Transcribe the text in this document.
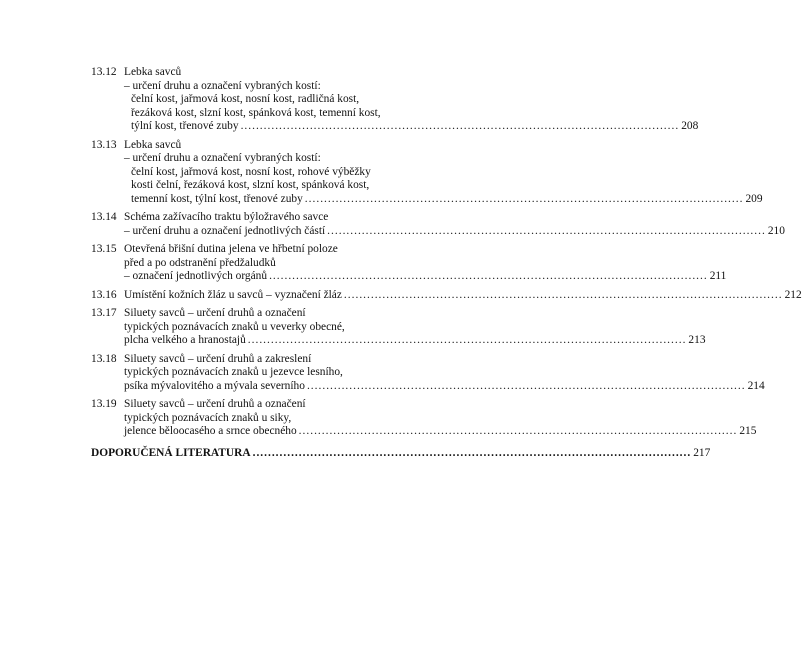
13.12 Lebka savců
– určení druhu a označení vybraných kostí:
čelní kost, jařmová kost, nosní kost, radličná kost,
řezáková kost, slzní kost, spánková kost, temenní kost,
týlní kost, třenové zuby .....	208
13.13 Lebka savců
– určení druhu a označení vybraných kostí:
čelní kost, jařmová kost, nosní kost, rohové výběžky
kosti čelní, řezáková kost, slzní kost, spánková kost,
temenní kost, týlní kost, třenové zuby .....	209
13.14 Schéma zažívacího traktu býložravého savce
– určení druhu a označení jednotlivých částí .....	210
13.15 Otevřená břišní dutina jelena ve hřbetní poloze
před a po odstranění předžaludků
– označení jednotlivých orgánů .....	211
13.16 Umístění kožních žláz u savců – vyznačení žláz .....	212
13.17 Siluety savců – určení druhů a označení
typických poznávacích znaků u veverky obecné,
plcha velkého a hranostajů .....	213
13.18 Siluety savců – určení druhů a zakreslení
typických poznávacích znaků u jezevce lesního,
psíka mývalovitého a mývala severního .....	214
13.19 Siluety savců – určení druhů a označení
typických poznávacích znaků u siky,
jelence běloocasého a srnce obecného .....	215
DOPORUČENÁ LITERATURA .....	217
